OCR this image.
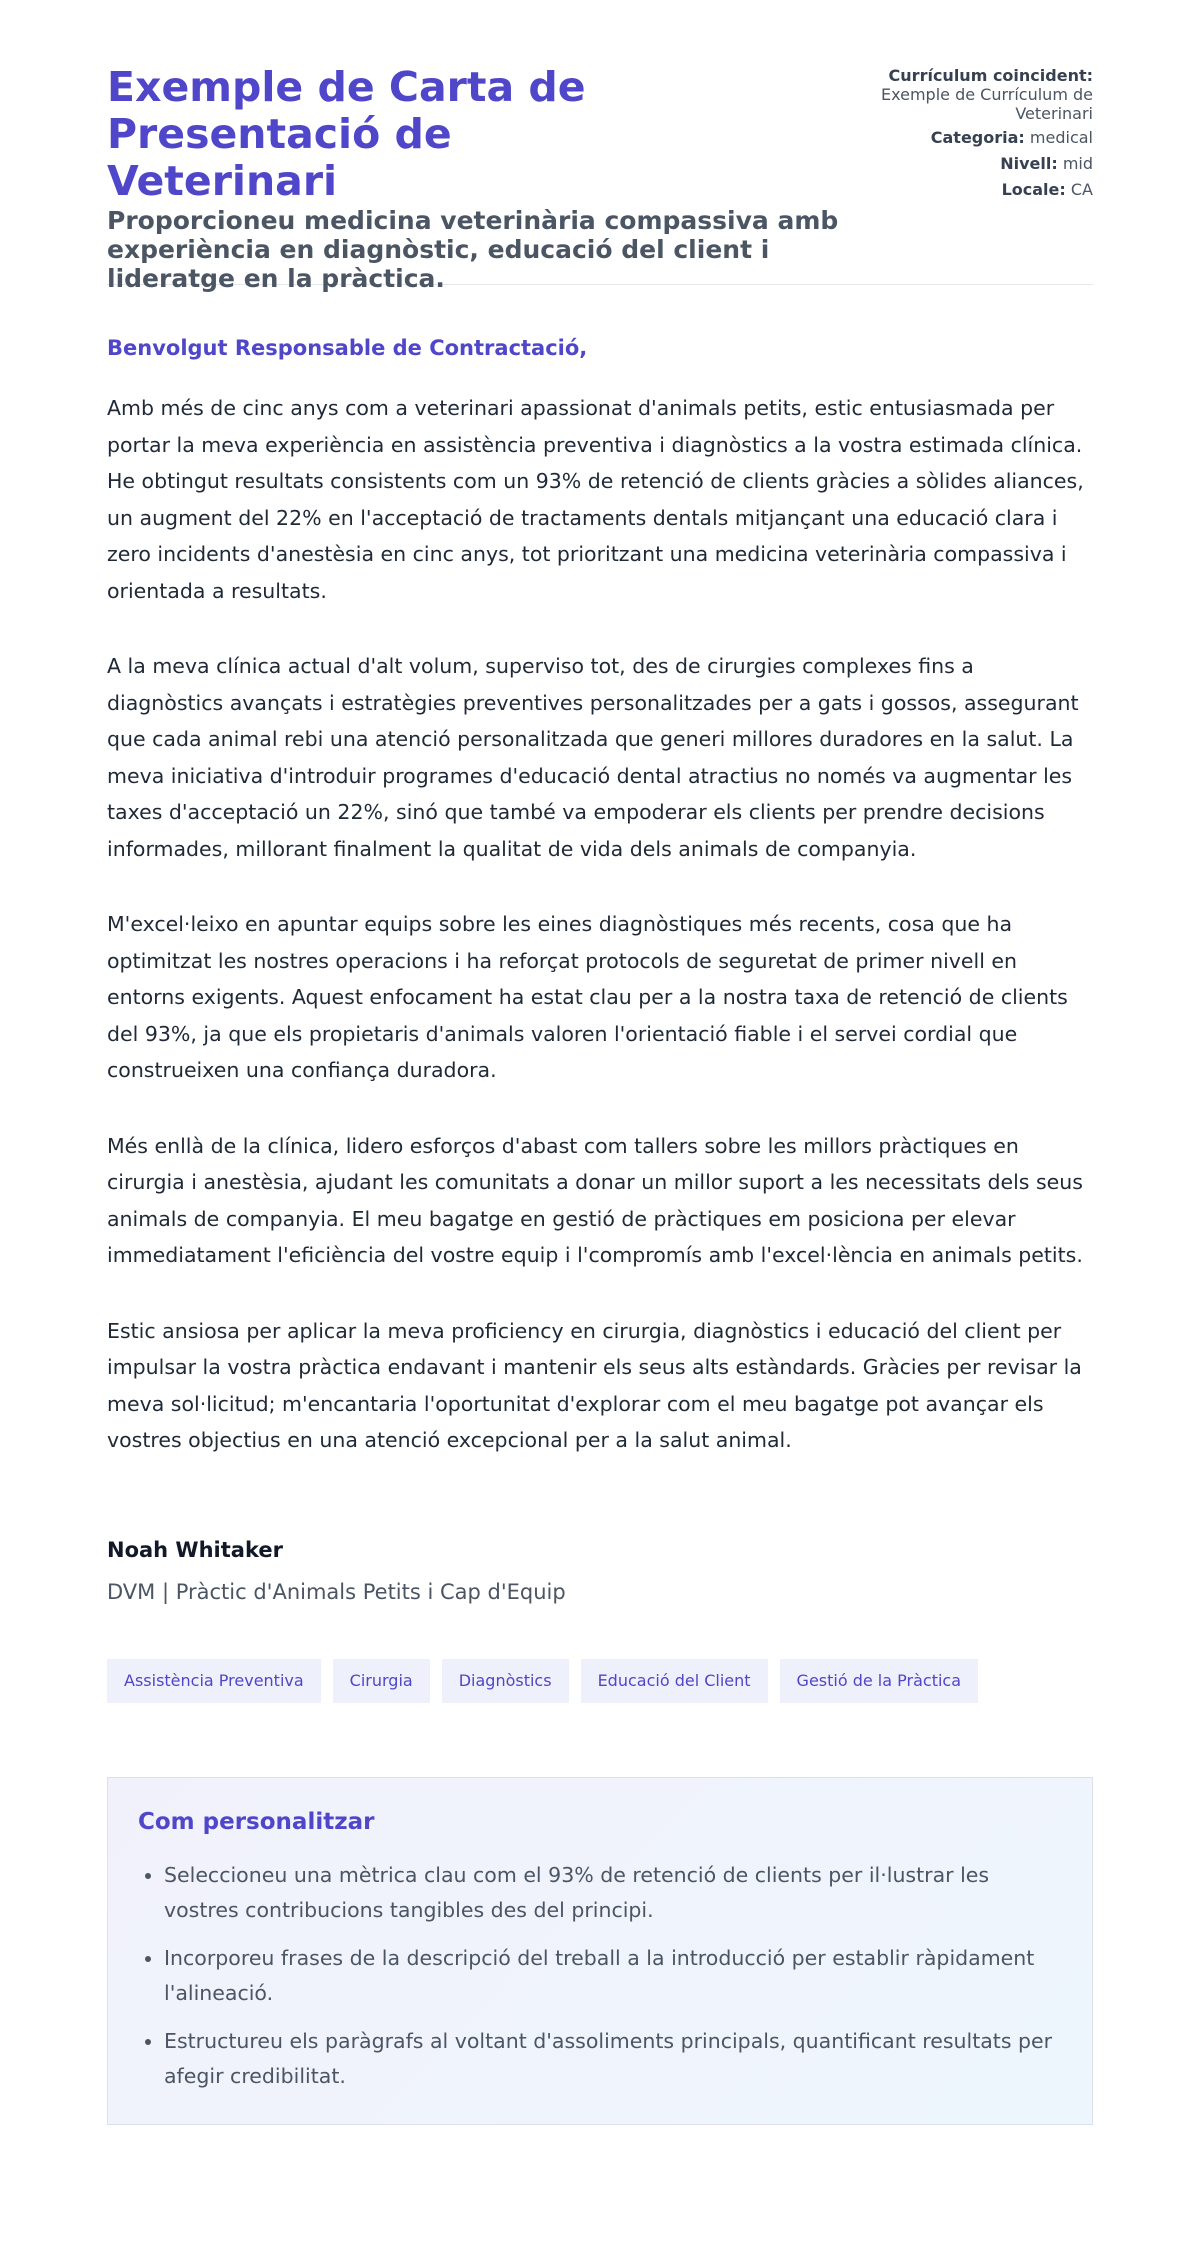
Exemple de Carta de Presentació de Veterinari
Proporcioneu medicina veterinària compassiva amb experiència en diagnòstic, educació del client i lideratge en la pràctica.
Currículum coincident:
Exemple de Currículum de Veterinari
Categoria: medical
Nivell: mid
Locale: CA

Benvolgut Responsable de Contractació,

Amb més de cinc anys com a veterinari apassionat d'animals petits, estic entusiasmada per portar la meva experiència en assistència preventiva i diagnòstics a la vostra estimada clínica. He obtingut resultats consistents com un 93% de retenció de clients gràcies a sòlides aliances, un augment del 22% en l'acceptació de tractaments dentals mitjançant una educació clara i zero incidents d'anestèsia en cinc anys, tot prioritzant una medicina veterinària compassiva i orientada a resultats.

A la meva clínica actual d'alt volum, superviso tot, des de cirurgies complexes fins a diagnòstics avançats i estratègies preventives personalitzades per a gats i gossos, assegurant que cada animal rebi una atenció personalitzada que generi millores duradores en la salut. La meva iniciativa d'introduir programes d'educació dental atractius no només va augmentar les taxes d'acceptació un 22%, sinó que també va empoderar els clients per prendre decisions informades, millorant finalment la qualitat de vida dels animals de companyia.

M'excel·leixo en apuntar equips sobre les eines diagnòstiques més recents, cosa que ha optimitzat les nostres operacions i ha reforçat protocols de seguretat de primer nivell en entorns exigents. Aquest enfocament ha estat clau per a la nostra taxa de retenció de clients del 93%, ja que els propietaris d'animals valoren l'orientació fiable i el servei cordial que construeixen una confiança duradora.

Més enllà de la clínica, lidero esforços d'abast com tallers sobre les millors pràctiques en cirurgia i anestèsia, ajudant les comunitats a donar un millor suport a les necessitats dels seus animals de companyia. El meu bagatge en gestió de pràctiques em posiciona per elevar immediatament l'eficiència del vostre equip i l'compromís amb l'excel·lència en animals petits.

Estic ansiosa per aplicar la meva proficiency en cirurgia, diagnòstics i educació del client per impulsar la vostra pràctica endavant i mantenir els seus alts estàndards. Gràcies per revisar la meva sol·licitud; m'encantaria l'oportunitat d'explorar com el meu bagatge pot avançar els vostres objectius en una atenció excepcional per a la salut animal.

Noah Whitaker

DVM | Pràctic d'Animals Petits i Cap d'Equip

Assistència Preventiva	Cirurgia	Diagnòstics	Educació del Client	Gestió de la Pràctica
Com personalitzar
• Seleccioneu una mètrica clau com el 93% de retenció de clients per il·lustrar les vostres contribucions tangibles des del principi.
• Incorporeu frases de la descripció del treball a la introducció per establir ràpidament l'alineació.
• Estructureu els paràgrafs al voltant d'assoliments principals, quantificant resultats per afegir credibilitat.
